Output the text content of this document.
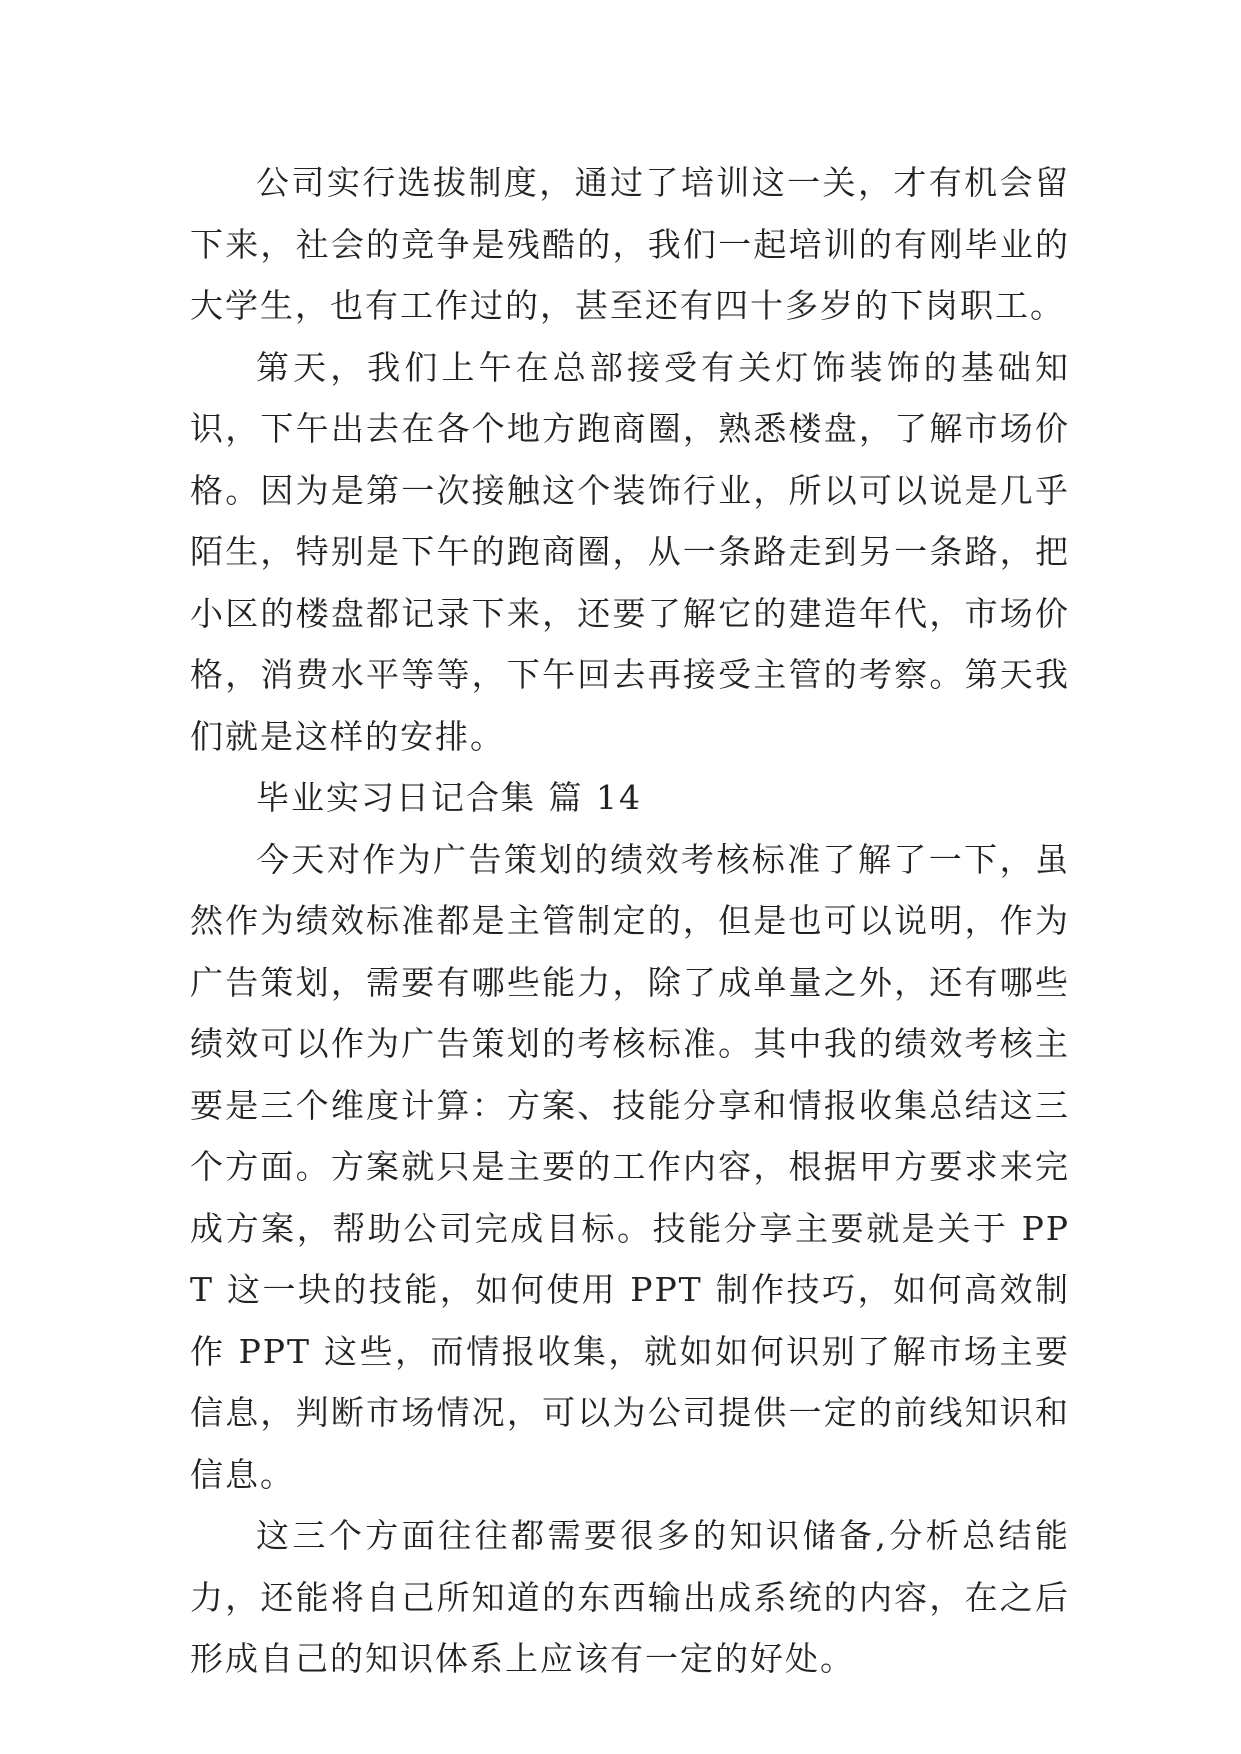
公司实行选拔制度，通过了培训这一关，才有机会留下来，社会的竞争是残酷的，我们一起培训的有刚毕业的大学生，也有工作过的，甚至还有四十多岁的下岗职工。

第天，我们上午在总部接受有关灯饰装饰的基础知识，下午出去在各个地方跑商圈，熟悉楼盘，了解市场价格。因为是第一次接触这个装饰行业，所以可以说是几乎陌生，特别是下午的跑商圈，从一条路走到另一条路，把小区的楼盘都记录下来，还要了解它的建造年代，市场价格，消费水平等等，下午回去再接受主管的考察。第天我们就是这样的安排。

毕业实习日记合集 篇 14

今天对作为广告策划的绩效考核标准了解了一下，虽然作为绩效标准都是主管制定的，但是也可以说明，作为广告策划，需要有哪些能力，除了成单量之外，还有哪些绩效可以作为广告策划的考核标准。其中我的绩效考核主要是三个维度计算：方案、技能分享和情报收集总结这三个方面。方案就只是主要的工作内容，根据甲方要求来完成方案，帮助公司完成目标。技能分享主要就是关于 PPT 这一块的技能，如何使用 PPT 制作技巧，如何高效制作 PPT 这些，而情报收集，就如如何识别了解市场主要信息，判断市场情况，可以为公司提供一定的前线知识和信息。

这三个方面往往都需要很多的知识储备,分析总结能力，还能将自己所知道的东西输出成系统的内容，在之后形成自己的知识体系上应该有一定的好处。
